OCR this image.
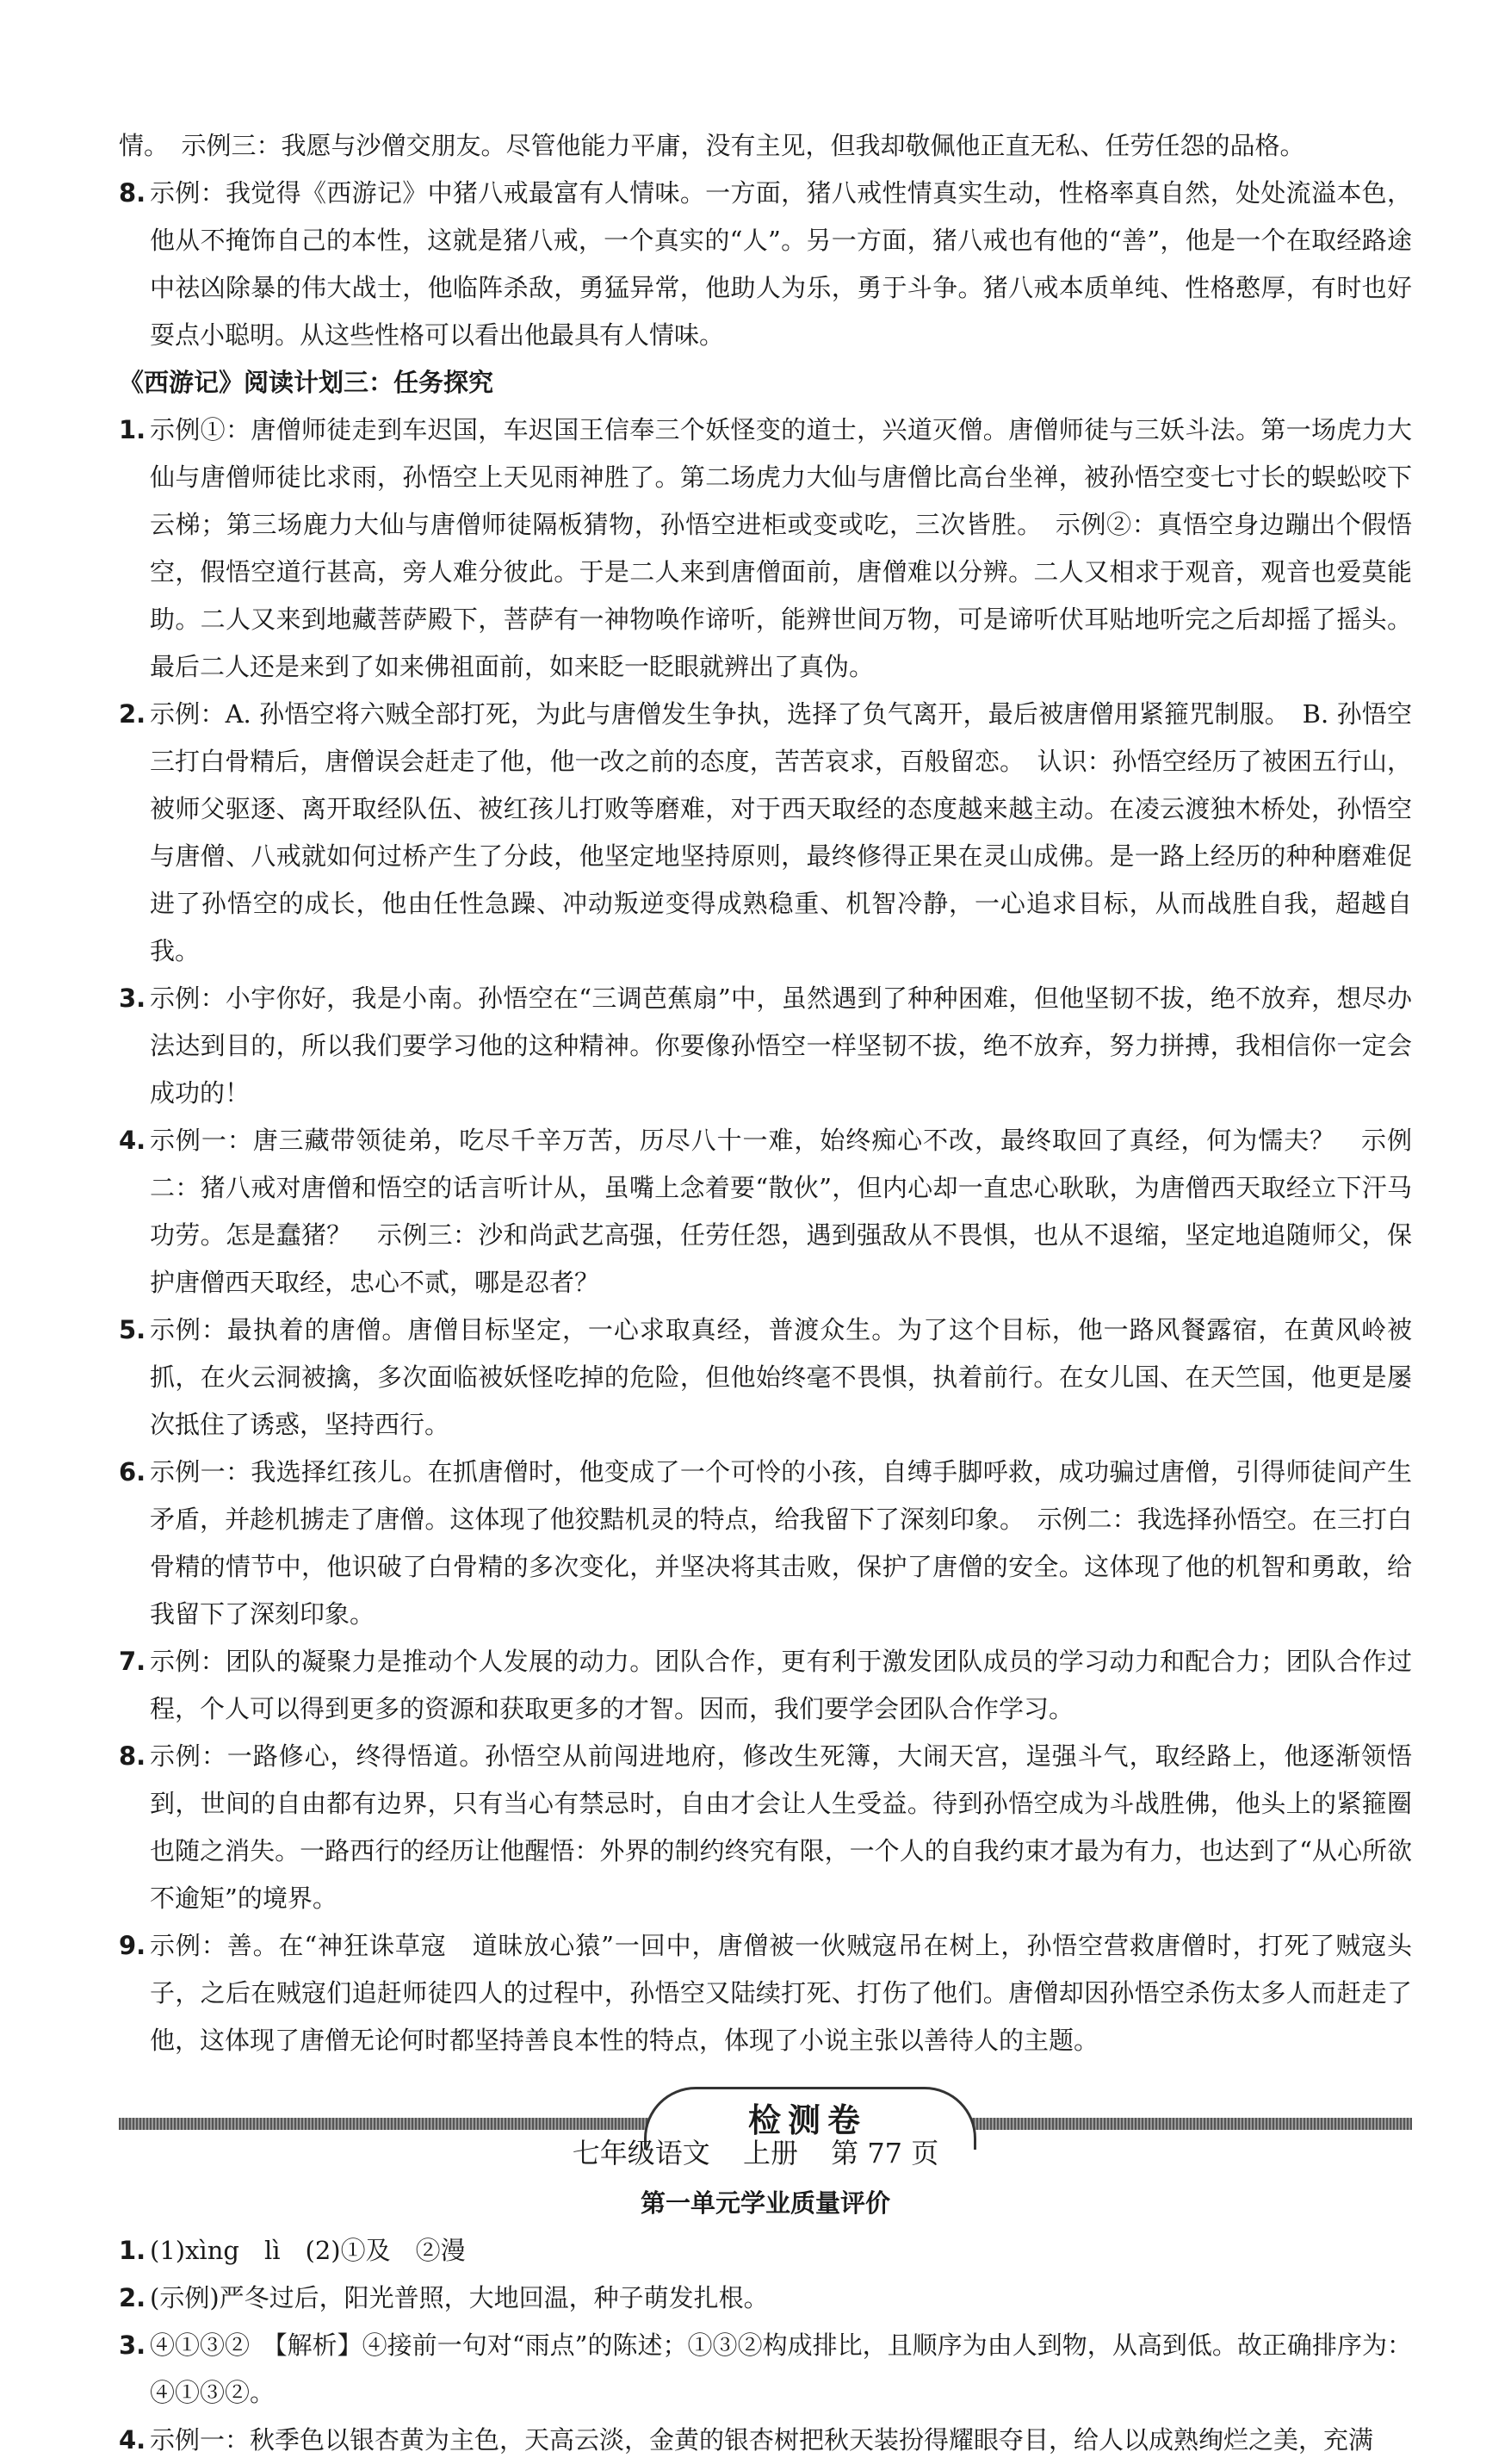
情。　示例三：我愿与沙僧交朋友。尽管他能力平庸，没有主见，但我却敬佩他正直无私、任劳任怨的品格。

8. 示例：我觉得《西游记》中猪八戒最富有人情味。一方面，猪八戒性情真实生动，性格率真自然，处处流溢本色，他从不掩饰自己的本性，这就是猪八戒，一个真实的“人”。另一方面，猪八戒也有他的“善”，他是一个在取经路途中祛凶除暴的伟大战士，他临阵杀敌，勇猛异常，他助人为乐，勇于斗争。猪八戒本质单纯、性格憨厚，有时也好耍点小聪明。从这些性格可以看出他最具有人情味。

《西游记》阅读计划三：任务探究

1. 示例①：唐僧师徒走到车迟国，车迟国王信奉三个妖怪变的道士，兴道灭僧。唐僧师徒与三妖斗法。第一场虎力大仙与唐僧师徒比求雨，孙悟空上天见雨神胜了。第二场虎力大仙与唐僧比高台坐禅，被孙悟空变七寸长的蜈蚣咬下云梯；第三场鹿力大仙与唐僧师徒隔板猜物，孙悟空进柜或变或吃，三次皆胜。　示例②：真悟空身边蹦出个假悟空，假悟空道行甚高，旁人难分彼此。于是二人来到唐僧面前，唐僧难以分辨。二人又相求于观音，观音也爱莫能助。二人又来到地藏菩萨殿下，菩萨有一神物唤作谛听，能辨世间万物，可是谛听伏耳贴地听完之后却摇了摇头。最后二人还是来到了如来佛祖面前，如来眨一眨眼就辨出了真伪。
2. 示例：A. 孙悟空将六贼全部打死，为此与唐僧发生争执，选择了负气离开，最后被唐僧用紧箍咒制服。　B. 孙悟空三打白骨精后，唐僧误会赶走了他，他一改之前的态度，苦苦哀求，百般留恋。　认识：孙悟空经历了被困五行山，被师父驱逐、离开取经队伍、被红孩儿打败等磨难，对于西天取经的态度越来越主动。在凌云渡独木桥处，孙悟空与唐僧、八戒就如何过桥产生了分歧，他坚定地坚持原则，最终修得正果在灵山成佛。是一路上经历的种种磨难促进了孙悟空的成长，他由任性急躁、冲动叛逆变得成熟稳重、机智冷静，一心追求目标，从而战胜自我，超越自我。
3. 示例：小宇你好，我是小南。孙悟空在“三调芭蕉扇”中，虽然遇到了种种困难，但他坚韧不拔，绝不放弃，想尽办法达到目的，所以我们要学习他的这种精神。你要像孙悟空一样坚韧不拔，绝不放弃，努力拼搏，我相信你一定会成功的！
4. 示例一：唐三藏带领徒弟，吃尽千辛万苦，历尽八十一难，始终痴心不改，最终取回了真经，何为懦夫？　示例二：猪八戒对唐僧和悟空的话言听计从，虽嘴上念着要“散伙”，但内心却一直忠心耿耿，为唐僧西天取经立下汗马功劳。怎是蠢猪？　示例三：沙和尚武艺高强，任劳任怨，遇到强敌从不畏惧，也从不退缩，坚定地追随师父，保护唐僧西天取经，忠心不贰，哪是忍者？
5. 示例：最执着的唐僧。唐僧目标坚定，一心求取真经，普渡众生。为了这个目标，他一路风餐露宿，在黄风岭被抓，在火云洞被擒，多次面临被妖怪吃掉的危险，但他始终毫不畏惧，执着前行。在女儿国、在天竺国，他更是屡次抵住了诱惑，坚持西行。
6. 示例一：我选择红孩儿。在抓唐僧时，他变成了一个可怜的小孩，自缚手脚呼救，成功骗过唐僧，引得师徒间产生矛盾，并趁机掳走了唐僧。这体现了他狡黠机灵的特点，给我留下了深刻印象。　示例二：我选择孙悟空。在三打白骨精的情节中，他识破了白骨精的多次变化，并坚决将其击败，保护了唐僧的安全。这体现了他的机智和勇敢，给我留下了深刻印象。
7. 示例：团队的凝聚力是推动个人发展的动力。团队合作，更有利于激发团队成员的学习动力和配合力；团队合作过程，个人可以得到更多的资源和获取更多的才智。因而，我们要学会团队合作学习。
8. 示例：一路修心，终得悟道。孙悟空从前闯进地府，修改生死簿，大闹天宫，逞强斗气，取经路上，他逐渐领悟到，世间的自由都有边界，只有当心有禁忌时，自由才会让人生受益。待到孙悟空成为斗战胜佛，他头上的紧箍圈也随之消失。一路西行的经历让他醒悟：外界的制约终究有限，一个人的自我约束才最为有力，也达到了“从心所欲不逾矩”的境界。
9. 示例：善。在“神狂诛草寇　道昧放心猿”一回中，唐僧被一伙贼寇吊在树上，孙悟空营救唐僧时，打死了贼寇头子，之后在贼寇们追赶师徒四人的过程中，孙悟空又陆续打死、打伤了他们。唐僧却因孙悟空杀伤太多人而赶走了他，这体现了唐僧无论何时都坚持善良本性的特点，体现了小说主张以善待人的主题。
检测卷

第一单元学业质量评价

1. (1)xìng　lì　(2)①及　②漫
2. (示例)严冬过后，阳光普照，大地回温，种子萌发扎根。
3. ④①③②　【解析】④接前一句对“雨点”的陈述；①③②构成排比，且顺序为由人到物，从高到低。故正确排序为：④①③②。
4. 示例一：秋季色以银杏黄为主色，天高云淡，金黄的银杏树把秋天装扮得耀眼夺目，给人以成熟绚烂之美，充满
七年级语文 上册 第 77 页
